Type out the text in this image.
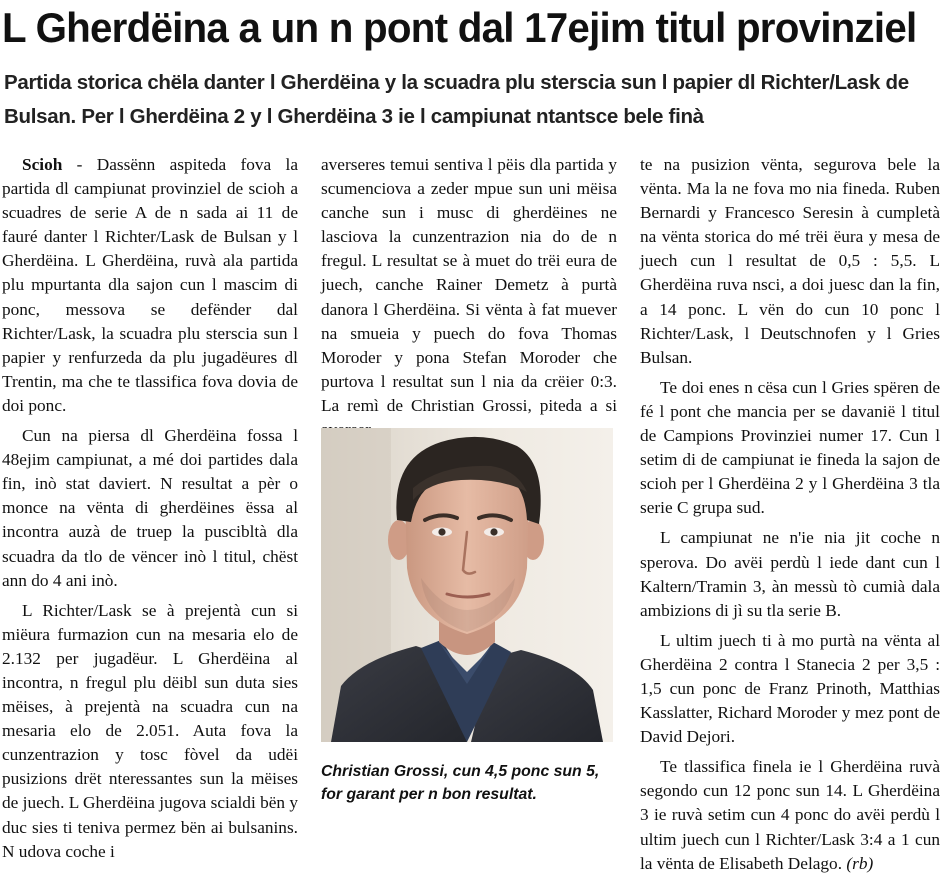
L Gherdëina a un n pont dal 17ejim titul provinziel

Partida storica chëla danter l Gherdëina y la scuadra plu sterscia sun l papier dl Richter/Lask de Bulsan. Per l Gherdëina 2 y l Gherdëina 3 ie l campiunat ntantsce bele finà

Scioh - Dassënn aspiteda fova la partida dl campiunat provinziel de scioh a scuadres de serie A de n sada ai 11 de fauré danter l Richter/Lask de Bulsan y l Gherdëina. L Gherdëina, ruvà ala partida plu mpurtanta dla sajon cun l mascim di ponc, messova se defënder dal Richter/Lask, la scuadra plu sterscia sun l papier y renfurzeda da plu jugadëures dl Trentin, ma che te tlassifica fova dovia de doi ponc.

Cun na piersa dl Gherdëina fossa l 48ejim campiunat, a mé doi partides dala fin, inò stat daviert. N resultat a pèr o monce na vënta di gherdëines ëssa al incontra auzà de truep la puscibltà dla scuadra da tlo de vëncer inò l titul, chëst ann do 4 ani inò.

L Richter/Lask se à prejentà cun si miëura furmazion cun na mesaria elo de 2.132 per jugadëur. L Gherdëina al incontra, n fregul plu dëibl sun duta sies mëises, à prejentà na scuadra cun na mesaria elo de 2.051. Auta fova la cunzentrazion y tosc fòvel da udëi pusizions drët nteressantes sun la mëises de juech. L Gherdëina jugova scialdi bën y duc sies ti teniva permez bën ai bulsanins. N udova coche i

averseres temui sentiva l pëis dla partida y scumenciova a zeder mpue sun uni mëisa canche sun i musc di gherdëines ne lasciova la cunzentrazion nia do de n fregul. L resultat se à muet do trëi eura de juech, canche Rainer Demetz à purtà danora l Gherdëina. Si vënta à fat muever na smueia y puech do fova Thomas Moroder y pona Stefan Moroder che purtova l resultat sun l nia da crëier 0:3. La remì de Christian Grossi, piteda a si

Christian Grossi, cun 4,5 ponc sun 5, for garant per n bon resultat.

te na pusizion vënta, segurova bele la vënta. Ma la ne fova mo nia fineda. Ruben Bernardi y Francesco Seresin à cumpletà na vënta storica do mé trëi ëura y mesa de juech cun l resultat de 0,5 : 5,5. L Gherdëina ruva nsci, a doi juesc dan la fin, a 14 ponc. L vën do cun 10 ponc l Richter/Lask, l Deutschnofen y l Gries Bulsan.

Te doi enes n cësa cun l Gries spëren de fé l pont che mancia per se davanië l titul de Campions Provinziei numer 17. Cun l setim di de campiunat ie fineda la sajon de scioh per l Gherdëina 2 y l Gherdëina 3 tla serie C grupa sud.

L campiunat ne n'ie nia jit coche n sperova. Do avëi perdù l iede dant cun l Kaltern/Tramin 3, àn messù tò cumià dala ambizions di jì su tla serie B.

L ultim juech ti à mo purtà na vënta al Gherdëina 2 contra l Stanecia 2 per 3,5 : 1,5 cun ponc de Franz Prinoth, Matthias Kasslatter, Richard Moroder y mez pont de David Dejori.

Te tlassifica finela ie l Gherdëina ruvà segondo cun 12 ponc sun 14. L Gherdëina 3 ie ruvà setim cun 4 ponc do avëi perdù l ultim juech cun l Richter/Lask 3:4 a 1 cun la vënta de Elisabeth Delago. (rb)
